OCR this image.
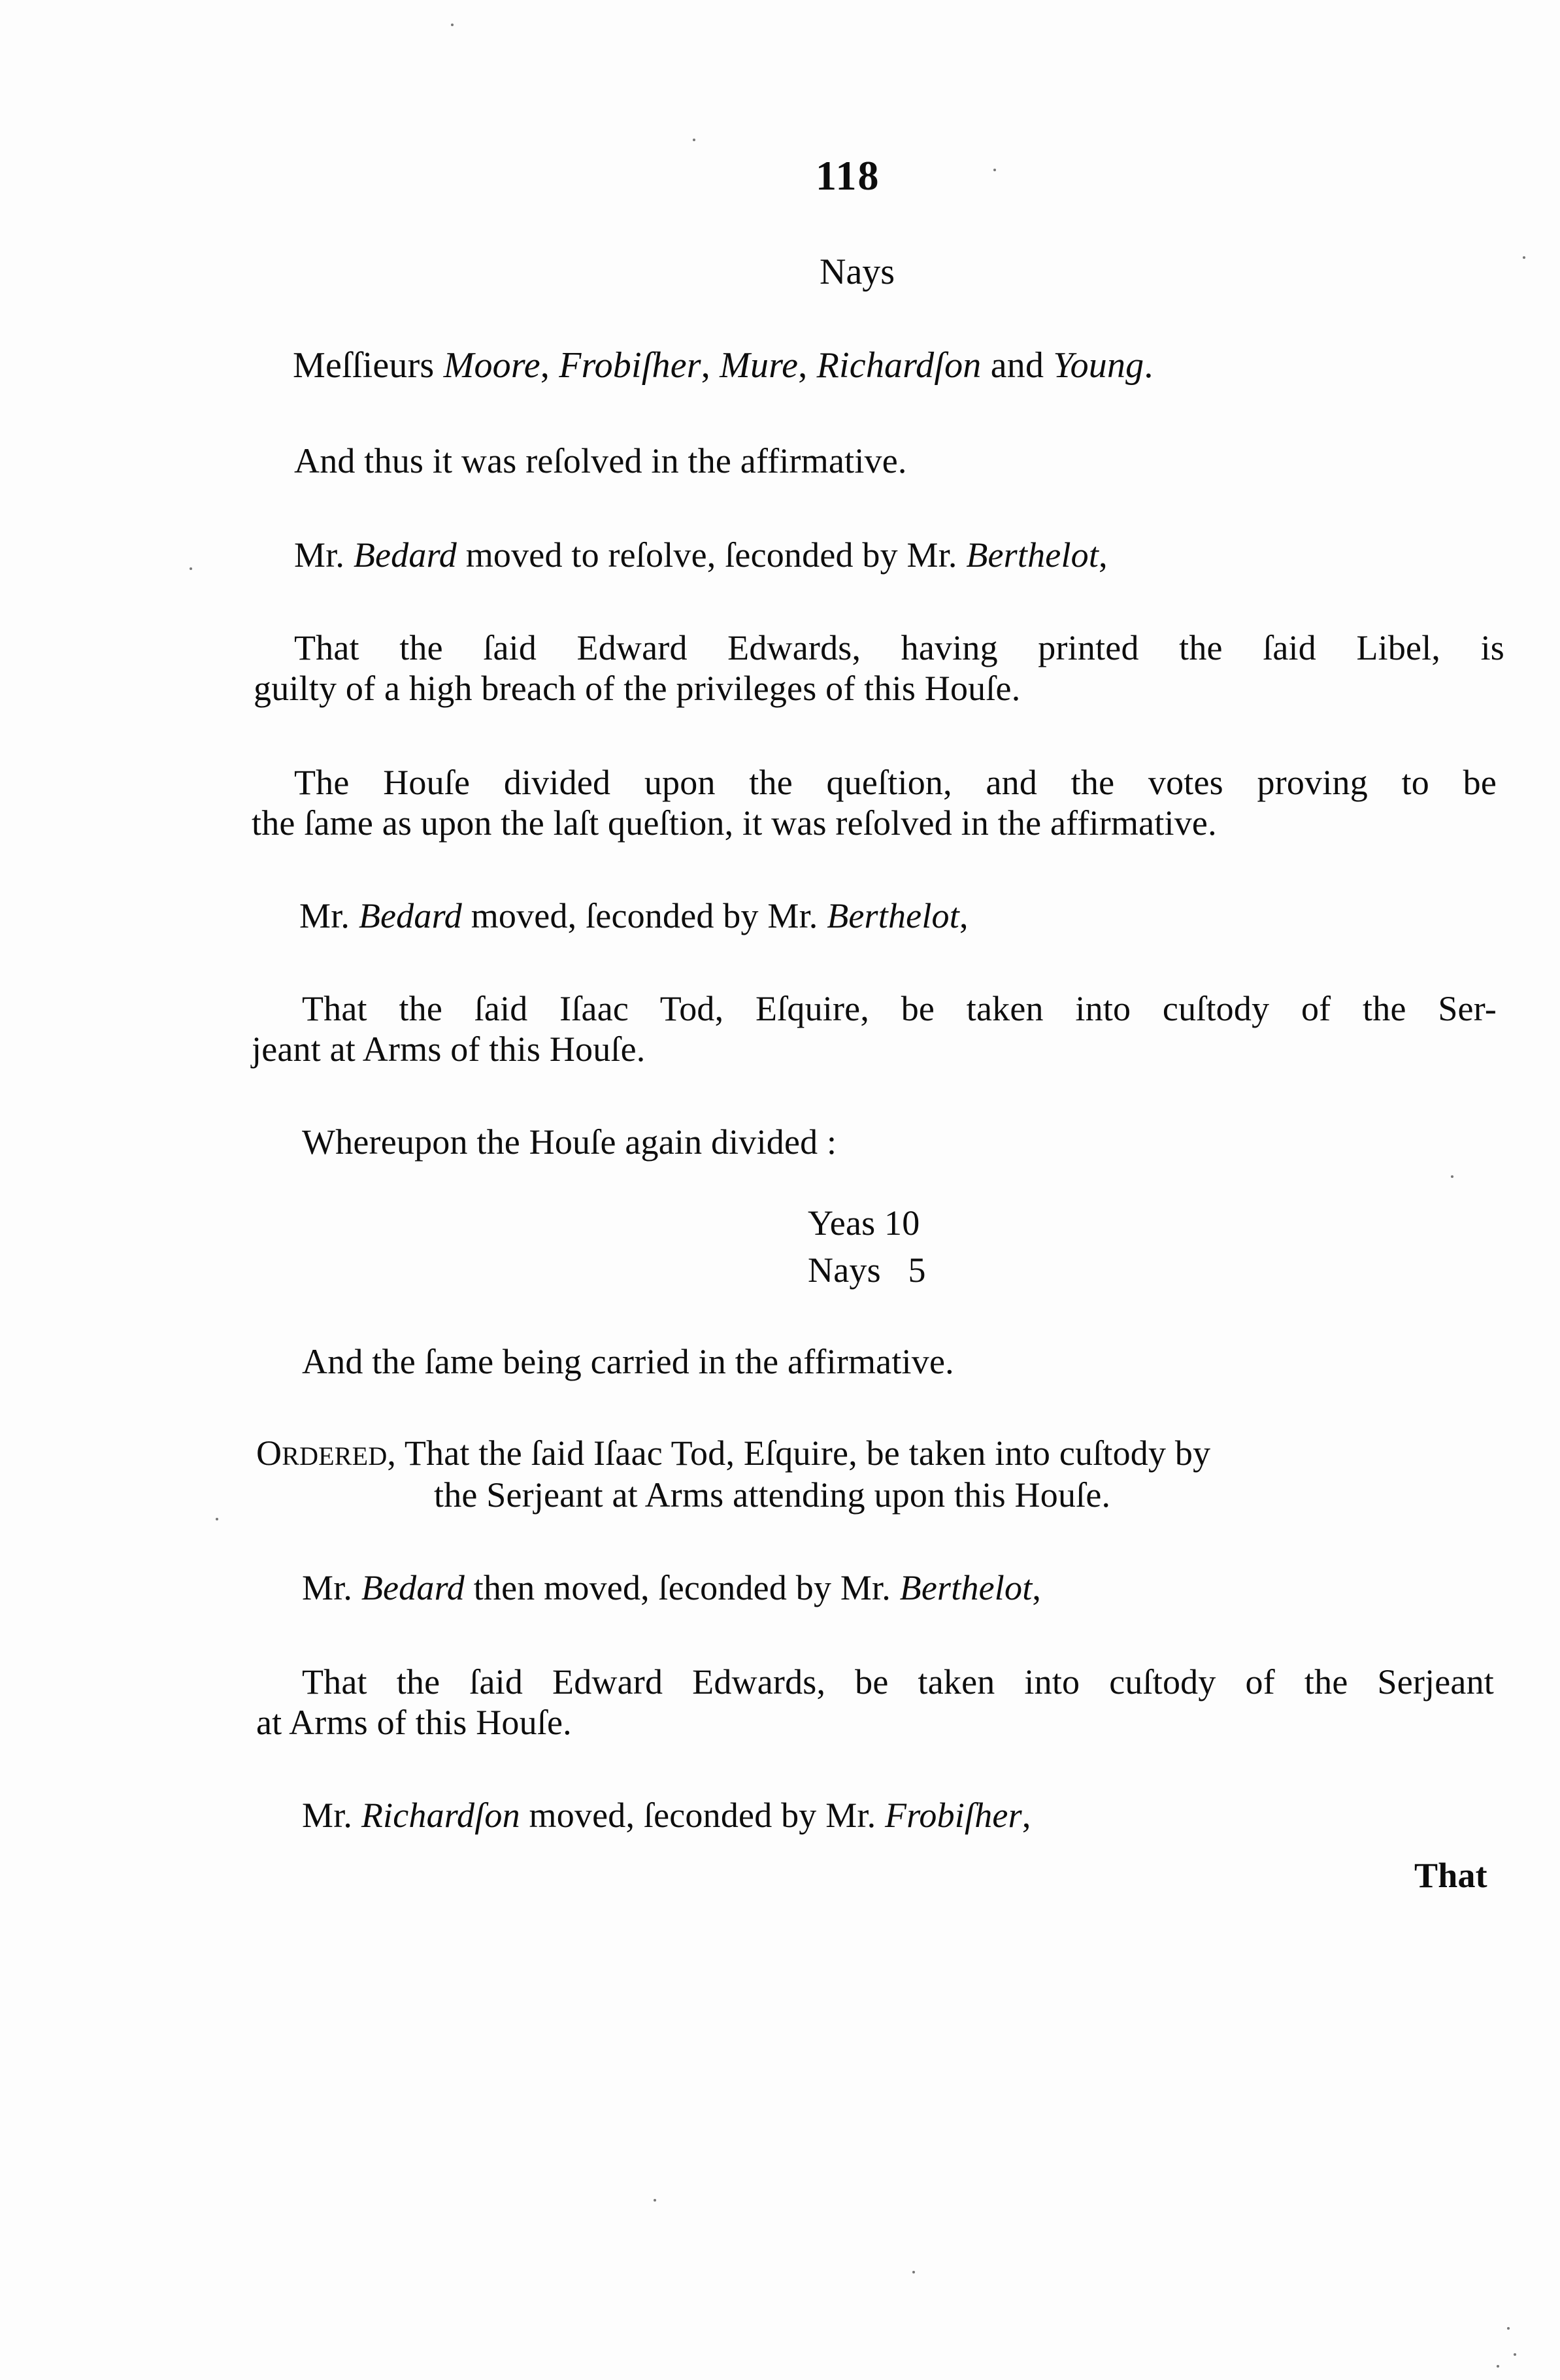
118
Nays
Meſſieurs Moore, Frobiſher, Mure, Richardſon and Young.
And thus it was reſolved in the affirmative.
Mr. Bedard moved to reſolve, ſeconded by Mr. Berthelot,
That the ſaid Edward Edwards, having printed the ſaid Libel, is
guilty of a high breach of the privileges of this Houſe.
The Houſe divided upon the queſtion, and the votes proving to be
the ſame as upon the laſt queſtion, it was reſolved in the affirmative.
Mr. Bedard moved, ſeconded by Mr. Berthelot,
That the ſaid Iſaac Tod, Eſquire, be taken into cuſtody of the Ser-
jeant at Arms of this Houſe.
Whereupon the Houſe again divided :
Yeas 10
Nays 5
And the ſame being carried in the affirmative.
ORDERED, That the ſaid Iſaac Tod, Eſquire, be taken into cuſtody by
the Serjeant at Arms attending upon this Houſe.
Mr. Bedard then moved, ſeconded by Mr. Berthelot,
That the ſaid Edward Edwards, be taken into cuſtody of the Serjeant
at Arms of this Houſe.
Mr. Richardſon moved, ſeconded by Mr. Frobiſher,
That
